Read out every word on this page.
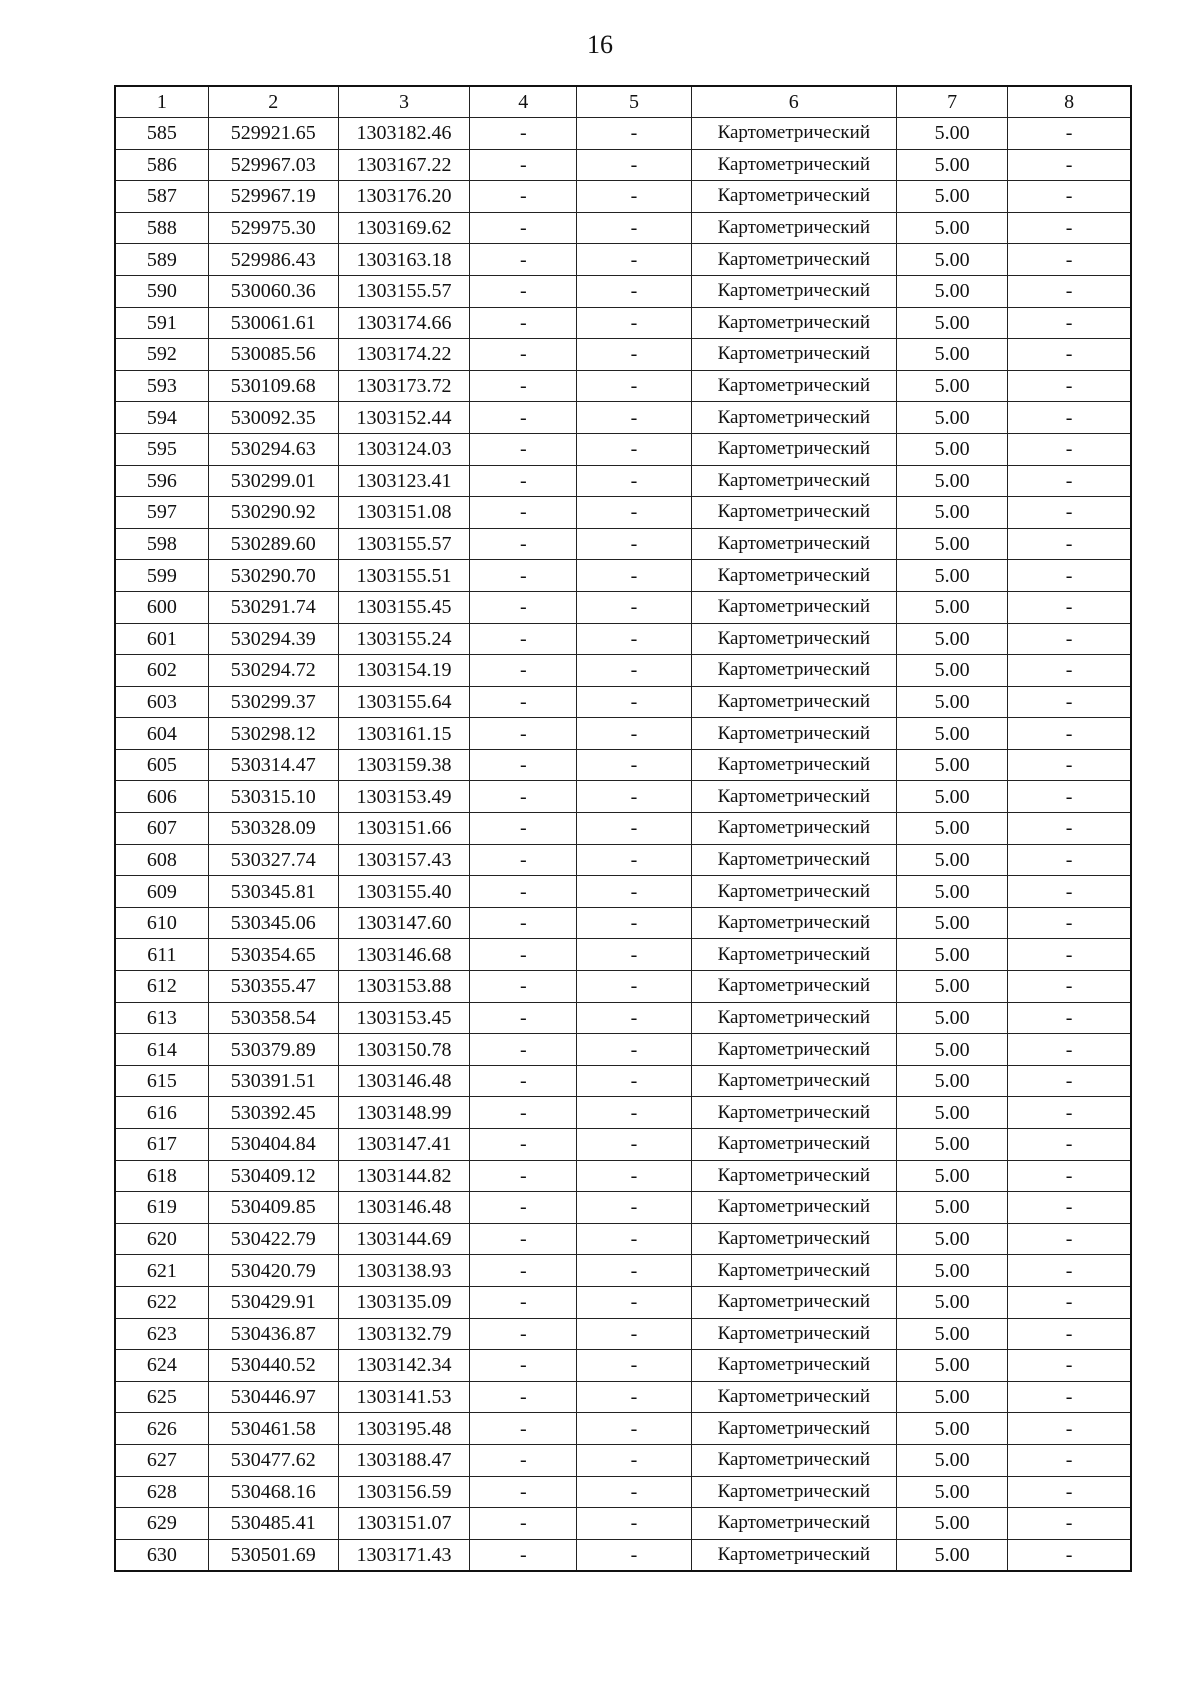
16
1	2	3	4	5	6	7	8
585	529921.65	1303182.46	-	-	Картометрический	5.00	-
586	529967.03	1303167.22	-	-	Картометрический	5.00	-
587	529967.19	1303176.20	-	-	Картометрический	5.00	-
588	529975.30	1303169.62	-	-	Картометрический	5.00	-
589	529986.43	1303163.18	-	-	Картометрический	5.00	-
590	530060.36	1303155.57	-	-	Картометрический	5.00	-
591	530061.61	1303174.66	-	-	Картометрический	5.00	-
592	530085.56	1303174.22	-	-	Картометрический	5.00	-
593	530109.68	1303173.72	-	-	Картометрический	5.00	-
594	530092.35	1303152.44	-	-	Картометрический	5.00	-
595	530294.63	1303124.03	-	-	Картометрический	5.00	-
596	530299.01	1303123.41	-	-	Картометрический	5.00	-
597	530290.92	1303151.08	-	-	Картометрический	5.00	-
598	530289.60	1303155.57	-	-	Картометрический	5.00	-
599	530290.70	1303155.51	-	-	Картометрический	5.00	-
600	530291.74	1303155.45	-	-	Картометрический	5.00	-
601	530294.39	1303155.24	-	-	Картометрический	5.00	-
602	530294.72	1303154.19	-	-	Картометрический	5.00	-
603	530299.37	1303155.64	-	-	Картометрический	5.00	-
604	530298.12	1303161.15	-	-	Картометрический	5.00	-
605	530314.47	1303159.38	-	-	Картометрический	5.00	-
606	530315.10	1303153.49	-	-	Картометрический	5.00	-
607	530328.09	1303151.66	-	-	Картометрический	5.00	-
608	530327.74	1303157.43	-	-	Картометрический	5.00	-
609	530345.81	1303155.40	-	-	Картометрический	5.00	-
610	530345.06	1303147.60	-	-	Картометрический	5.00	-
611	530354.65	1303146.68	-	-	Картометрический	5.00	-
612	530355.47	1303153.88	-	-	Картометрический	5.00	-
613	530358.54	1303153.45	-	-	Картометрический	5.00	-
614	530379.89	1303150.78	-	-	Картометрический	5.00	-
615	530391.51	1303146.48	-	-	Картометрический	5.00	-
616	530392.45	1303148.99	-	-	Картометрический	5.00	-
617	530404.84	1303147.41	-	-	Картометрический	5.00	-
618	530409.12	1303144.82	-	-	Картометрический	5.00	-
619	530409.85	1303146.48	-	-	Картометрический	5.00	-
620	530422.79	1303144.69	-	-	Картометрический	5.00	-
621	530420.79	1303138.93	-	-	Картометрический	5.00	-
622	530429.91	1303135.09	-	-	Картометрический	5.00	-
623	530436.87	1303132.79	-	-	Картометрический	5.00	-
624	530440.52	1303142.34	-	-	Картометрический	5.00	-
625	530446.97	1303141.53	-	-	Картометрический	5.00	-
626	530461.58	1303195.48	-	-	Картометрический	5.00	-
627	530477.62	1303188.47	-	-	Картометрический	5.00	-
628	530468.16	1303156.59	-	-	Картометрический	5.00	-
629	530485.41	1303151.07	-	-	Картометрический	5.00	-
630	530501.69	1303171.43	-	-	Картометрический	5.00	-
